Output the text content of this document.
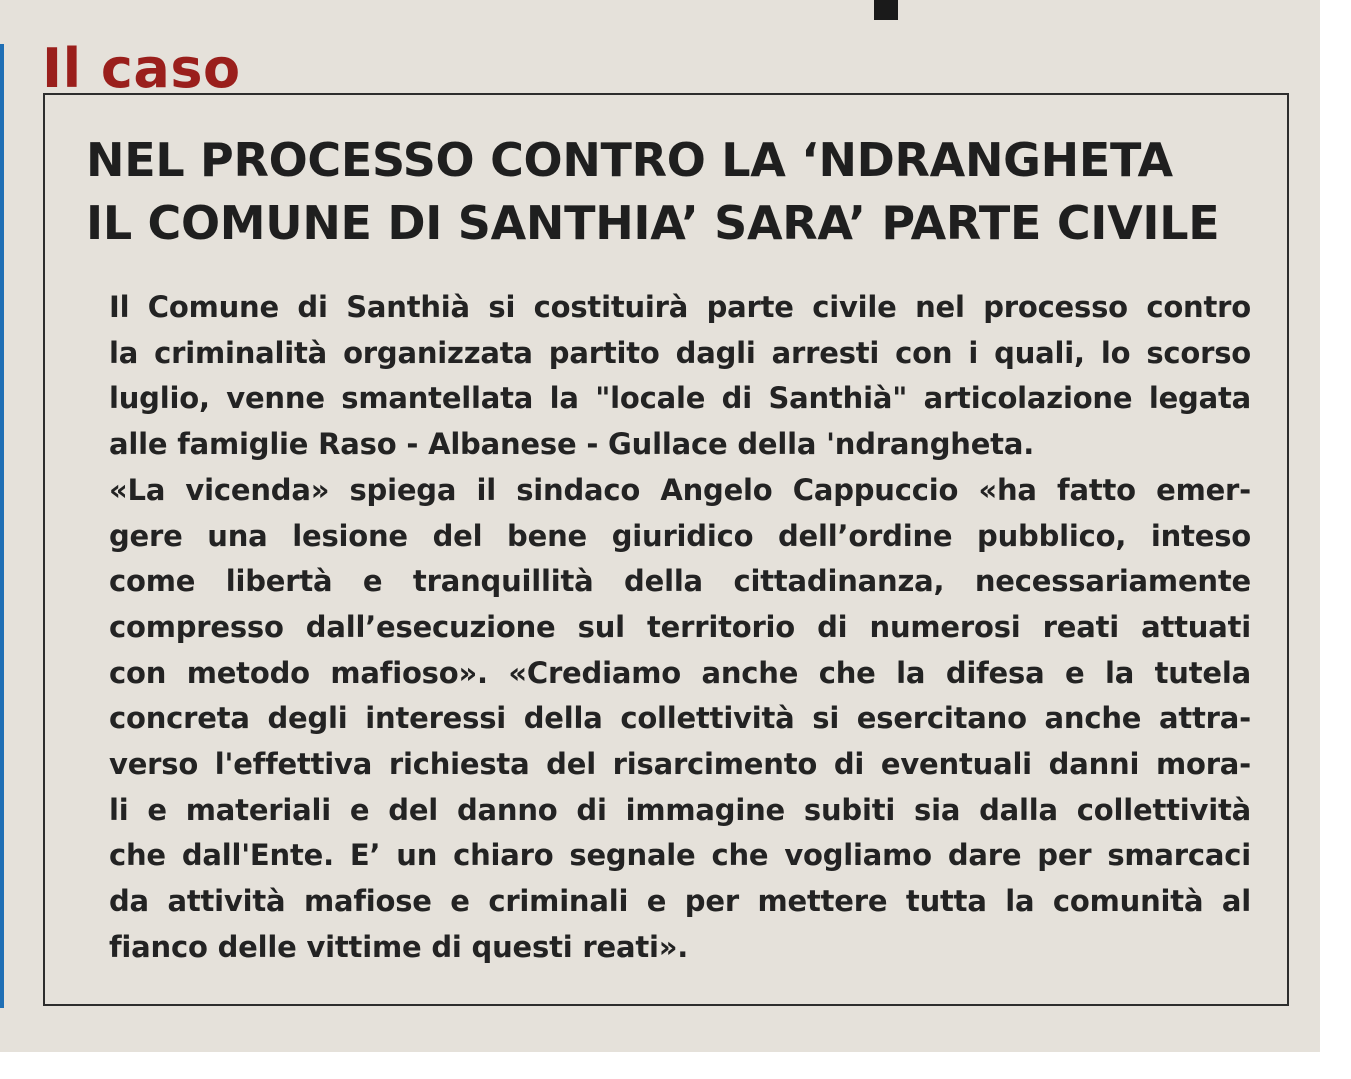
Il caso
NEL PROCESSO CONTRO LA ‘NDRANGHETA
IL COMUNE DI SANTHIA’ SARA’ PARTE CIVILE

Il Comune di Santhià si costituirà parte civile nel processo contro
la criminalità organizzata partito dagli arresti con i quali, lo scorso
luglio, venne smantellata la "locale di Santhià" articolazione legata
alle famiglie Raso - Albanese - Gullace della 'ndrangheta.
«La vicenda» spiega il sindaco Angelo Cappuccio «ha fatto emer-
gere una lesione del bene giuridico dell’ordine pubblico, inteso
come libertà e tranquillità della cittadinanza, necessariamente
compresso dall’esecuzione sul territorio di numerosi reati attuati
con metodo mafioso». «Crediamo anche che la difesa e la tutela
concreta degli interessi della collettività si esercitano anche attra-
verso l'effettiva richiesta del risarcimento di eventuali danni mora-
li e materiali e del danno di immagine subiti sia dalla collettività
che dall'Ente. E’ un chiaro segnale che vogliamo dare per smarcaci
da attività mafiose e criminali e per mettere tutta la comunità al
fianco delle vittime di questi reati».
